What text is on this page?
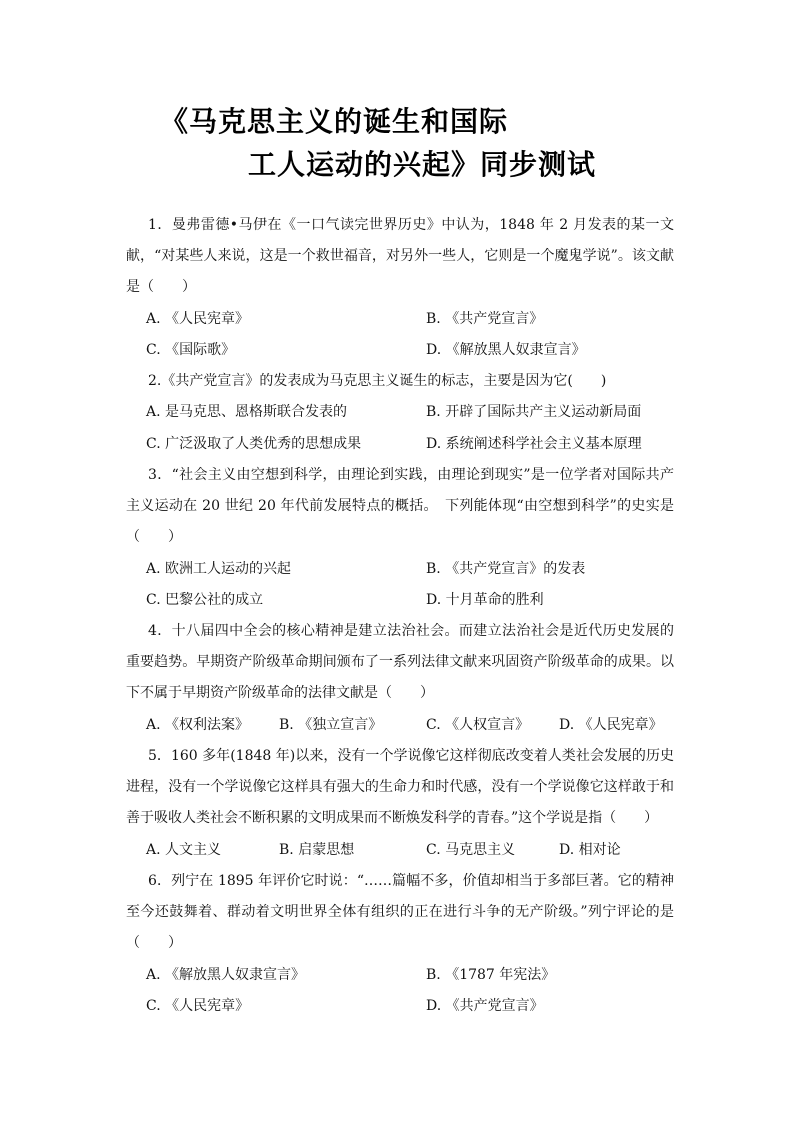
《马克思主义的诞生和国际
工人运动的兴起》同步测试
1．曼弗雷德•马伊在《一口气读完世界历史》中认为，1848 年 2 月发表的某一文献，“对某些人来说，这是一个救世福音，对另外一些人，它则是一个魔鬼学说”。该文献是（　　）
A. 《人民宪章》	B. 《共产党宣言》
C. 《国际歌》	D. 《解放黑人奴隶宣言》
2.《共产党宣言》的发表成为马克思主义诞生的标志，主要是因为它(　　)
A. 是马克思、恩格斯联合发表的	B. 开辟了国际共产主义运动新局面
C. 广泛汲取了人类优秀的思想成果	D. 系统阐述科学社会主义基本原理
3．“社会主义由空想到科学，由理论到实践，由理论到现实”是一位学者对国际共产主义运动在 20 世纪 20 年代前发展特点的概括。　下列能体现“由空想到科学”的史实是（　　）
A. 欧洲工人运动的兴起	B. 《共产党宣言》的发表
C. 巴黎公社的成立	D. 十月革命的胜利
4．十八届四中全会的核心精神是建立法治社会。而建立法治社会是近代历史发展的重要趋势。早期资产阶级革命期间颁布了一系列法律文献来巩固资产阶级革命的成果。以下不属于早期资产阶级革命的法律文献是（　　）
A. 《权利法案》 B. 《独立宣言》	C. 《人权宣言》 D. 《人民宪章》
5．160 多年(1848 年)以来，没有一个学说像它这样彻底改变着人类社会发展的历史进程，没有一个学说像它这样具有强大的生命力和时代感，没有一个学说像它这样敢于和善于吸收人类社会不断积累的文明成果而不断焕发科学的青春。”这个学说是指（　　）
A. 人文主义	B. 启蒙思想	C. 马克思主义	D. 相对论
6．列宁在 1895 年评价它时说：“……篇幅不多，价值却相当于多部巨著。它的精神至今还鼓舞着、群动着文明世界全体有组织的正在进行斗争的无产阶级。”列宁评论的是（　　）
A. 《解放黑人奴隶宣言》	B. 《1787 年宪法》
C. 《人民宪章》	D. 《共产党宣言》
